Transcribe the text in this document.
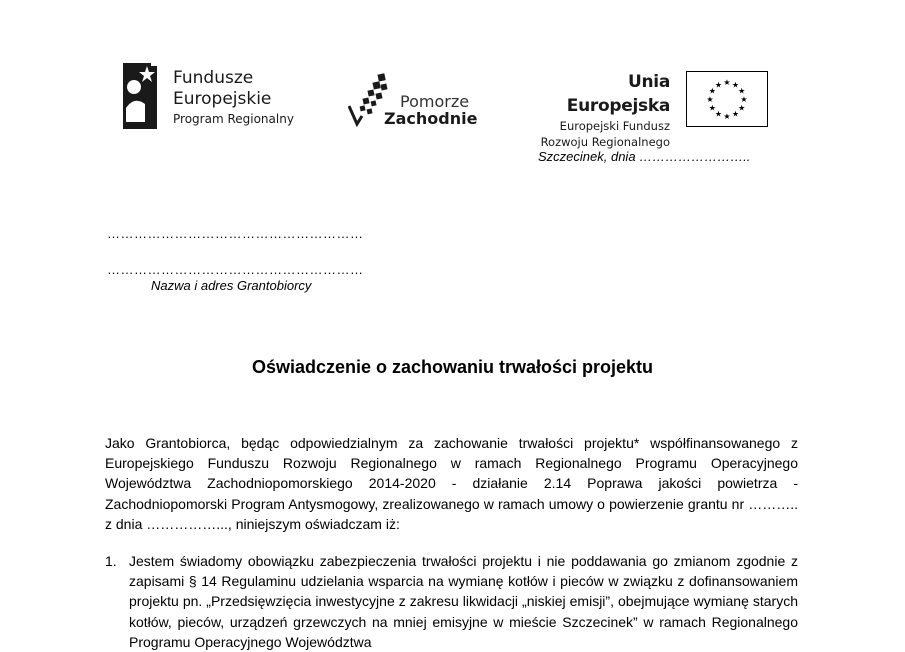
Fundusze
Europejskie
Program Regionalny
Pomorze
Zachodnie
Unia Europejska
Europejski Fundusz
Rozwoju Regionalnego
★ ★
★
★
★
★
★
★
★
★
★
★
Szczecinek, dnia ……………………..
…………………………………………………
…………………………………………………
Nazwa i adres Grantobiorcy
Oświadczenie o zachowaniu trwałości projektu

Jako Grantobiorca, będąc odpowiedzialnym za zachowanie trwałości projektu* współfinansowanego z Europejskiego Funduszu Rozwoju Regionalnego w ramach Regionalnego Programu Operacyjnego Województwa Zachodniopomorskiego 2014-2020 - działanie 2.14 Poprawa jakości powietrza - Zachodniopomorski Program Antysmogowy, zrealizowanego w ramach umowy o powierzenie grantu nr ……….. z dnia ……………..., niniejszym oświadczam iż:

1. Jestem świadomy obowiązku zabezpieczenia trwałości projektu i nie poddawania go zmianom zgodnie z zapisami § 14 Regulaminu udzielania wsparcia na wymianę kotłów i pieców w związku z dofinansowaniem projektu pn. „Przedsięwzięcia inwestycyjne z zakresu likwidacji „niskiej emisji”, obejmujące wymianę starych kotłów, pieców, urządzeń grzewczych na mniej emisyjne w mieście Szczecinek” w ramach Regionalnego Programu Operacyjnego Województwa
